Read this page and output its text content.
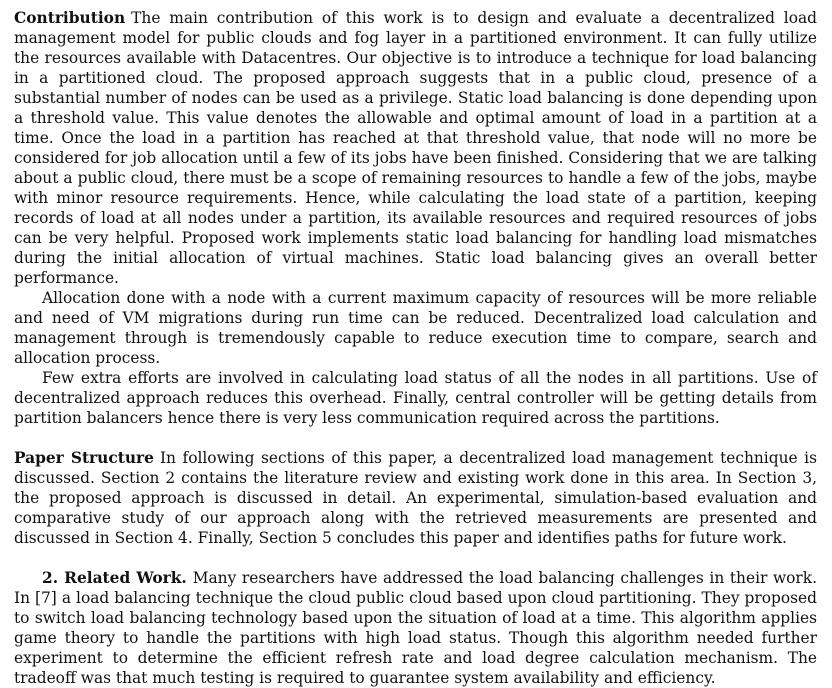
Contribution The main contribution of this work is to design and evaluate a decentralized load management model for public clouds and fog layer in a partitioned environment. It can fully utilize the resources available with Datacentres. Our objective is to introduce a technique for load balancing in a partitioned cloud. The proposed approach suggests that in a public cloud, presence of a substantial number of nodes can be used as a privilege. Static load balancing is done depending upon a threshold value. This value denotes the allowable and optimal amount of load in a partition at a time. Once the load in a partition has reached at that threshold value, that node will no more be considered for job allocation until a few of its jobs have been finished. Considering that we are talking about a public cloud, there must be a scope of remaining resources to handle a few of the jobs, maybe with minor resource requirements. Hence, while calculating the load state of a partition, keeping records of load at all nodes under a partition, its available resources and required resources of jobs can be very helpful. Proposed work implements static load balancing for handling load mismatches during the initial allocation of virtual machines. Static load balancing gives an overall better performance.

Allocation done with a node with a current maximum capacity of resources will be more reliable and need of VM migrations during run time can be reduced. Decentralized load calculation and management through is tremendously capable to reduce execution time to compare, search and allocation process.

Few extra efforts are involved in calculating load status of all the nodes in all partitions. Use of decentralized approach reduces this overhead. Finally, central controller will be getting details from partition balancers hence there is very less communication required across the partitions.

Paper Structure In following sections of this paper, a decentralized load management technique is discussed. Section 2 contains the literature review and existing work done in this area. In Section 3, the proposed approach is discussed in detail. An experimental, simulation-based evaluation and comparative study of our approach along with the retrieved measurements are presented and discussed in Section 4. Finally, Section 5 concludes this paper and identifies paths for future work.

2. Related Work. Many researchers have addressed the load balancing challenges in their work. In [7] a load balancing technique the cloud public cloud based upon cloud partitioning. They proposed to switch load balancing technology based upon the situation of load at a time. This algorithm applies game theory to handle the partitions with high load status. Though this algorithm needed further experiment to determine the efficient refresh rate and load degree calculation mechanism. The tradeoff was that much testing is required to guarantee system availability and efficiency.
